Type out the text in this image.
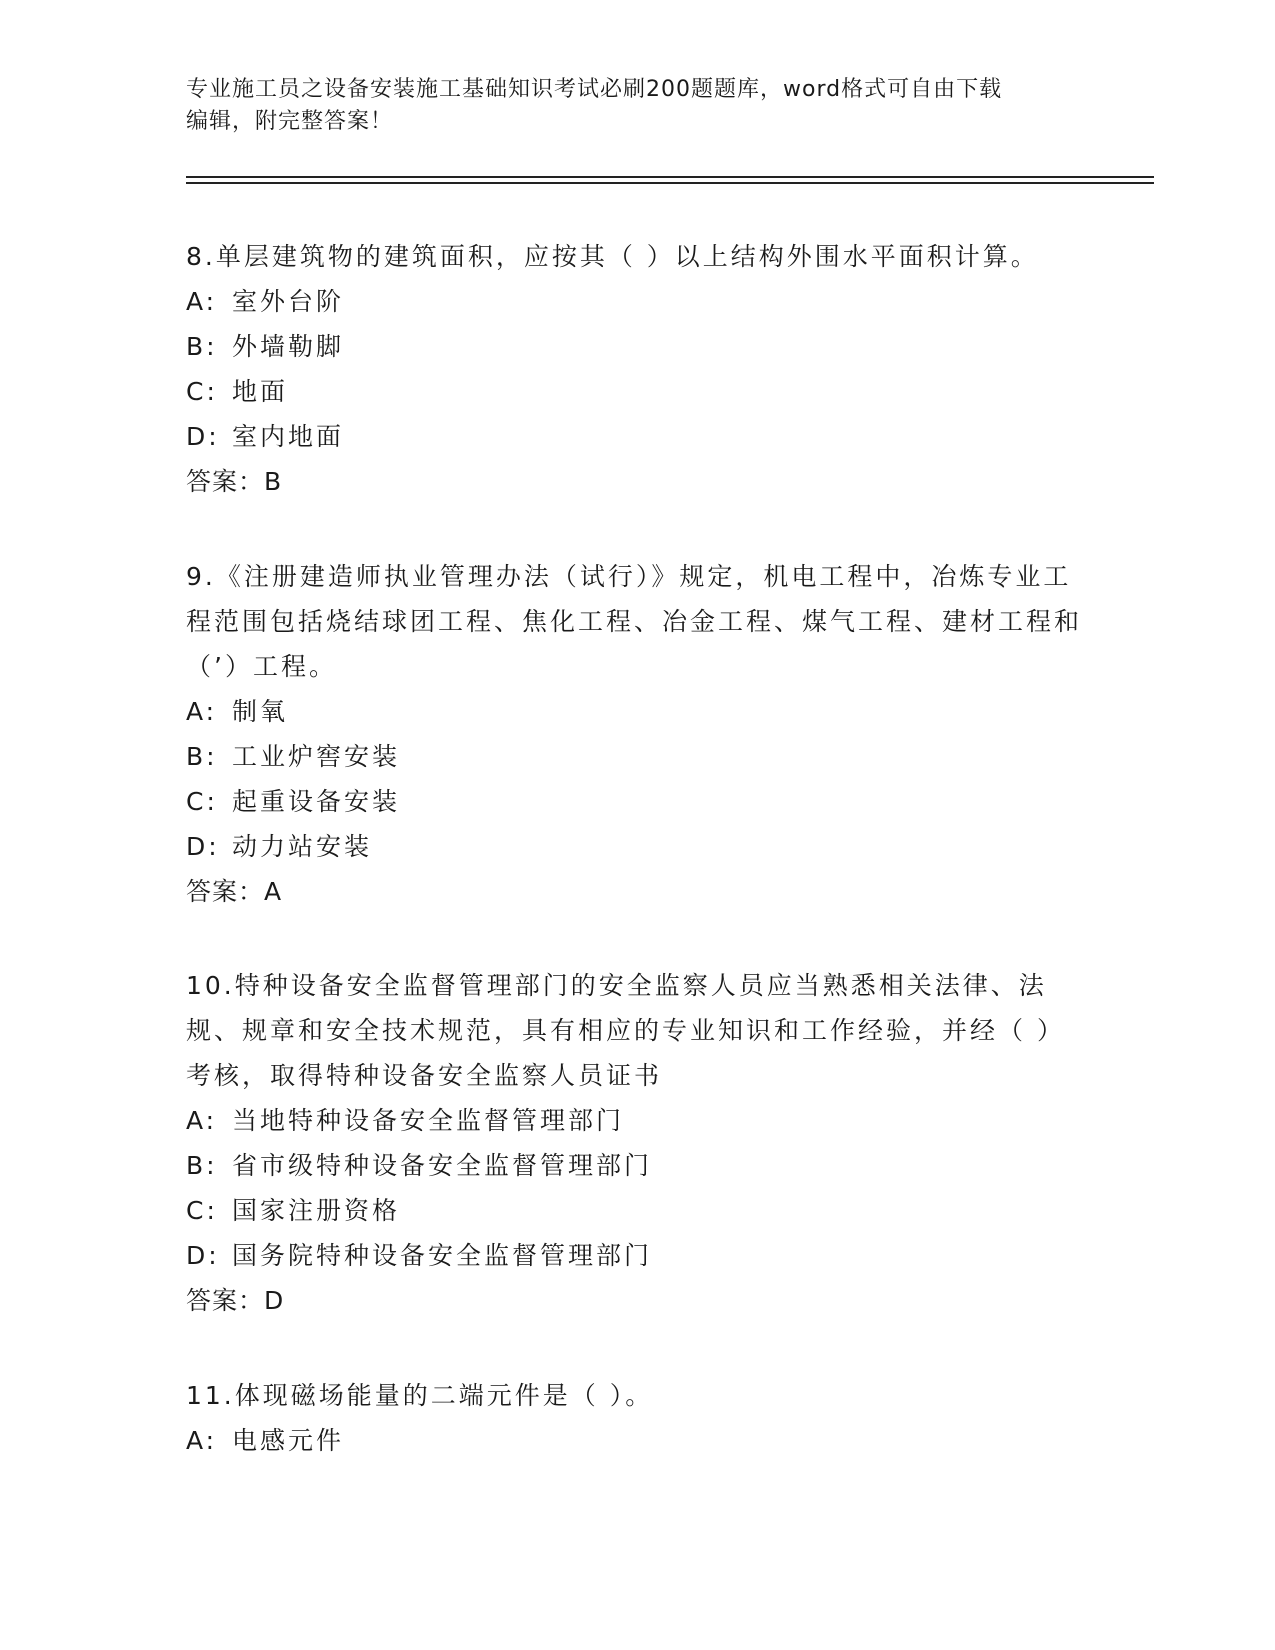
专业施工员之设备安装施工基础知识考试必刷200题题库，word格式可自由下载
编辑，附完整答案！

8.单层建筑物的建筑面积，应按其（ ）以上结构外围水平面积计算。

A: 室外台阶
B: 外墙勒脚
C: 地面
D: 室内地面
答案：B

9.《注册建造师执业管理办法（试行）》规定，机电工程中，冶炼专业工程范围包括烧结球团工程、焦化工程、冶金工程、煤气工程、建材工程和（’）工程。

A: 制氧
B: 工业炉窖安装
C: 起重设备安装
D: 动力站安装
答案：A

10.特种设备安全监督管理部门的安全监察人员应当熟悉相关法律、法规、规章和安全技术规范，具有相应的专业知识和工作经验，并经（ ）考核，取得特种设备安全监察人员证书

A: 当地特种设备安全监督管理部门
B: 省市级特种设备安全监督管理部门
C: 国家注册资格
D: 国务院特种设备安全监督管理部门
答案：D

11.体现磁场能量的二端元件是（ ）。

A: 电感元件
